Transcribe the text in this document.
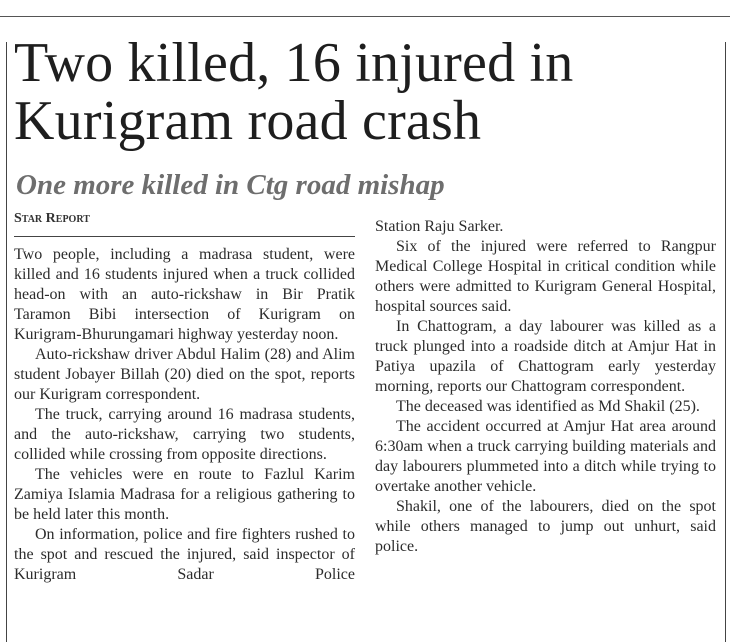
Two killed, 16 injured in Kurigram road crash
One more killed in Ctg road mishap
Star Report

Two people, including a madrasa student, were killed and 16 students injured when a truck collided head-on with an auto-rickshaw in Bir Pratik Taramon Bibi intersection of Kurigram on Kurigram-Bhurungamari highway yesterday noon.

Auto-rickshaw driver Abdul Halim (28) and Alim student Jobayer Billah (20) died on the spot, reports our Kurigram correspondent.

The truck, carrying around 16 madrasa students, and the auto-rickshaw, carrying two students, collided while crossing from opposite directions.

The vehicles were en route to Fazlul Karim Zamiya Islamia Madrasa for a religious gathering to be held later this month.

On information, police and fire fighters rushed to the spot and rescued the injured, said inspector of Kurigram Sadar Police

Station Raju Sarker.

Six of the injured were referred to Rangpur Medical College Hospital in critical condition while others were admitted to Kurigram General Hospital, hospital sources said.

In Chattogram, a day labourer was killed as a truck plunged into a roadside ditch at Amjur Hat in Patiya upazila of Chattogram early yesterday morning, reports our Chattogram correspondent.

The deceased was identified as Md Shakil (25).

The accident occurred at Amjur Hat area around 6:30am when a truck carrying building materials and day labourers plummeted into a ditch while trying to overtake another vehicle.

Shakil, one of the labourers, died on the spot while others managed to jump out unhurt, said police.
